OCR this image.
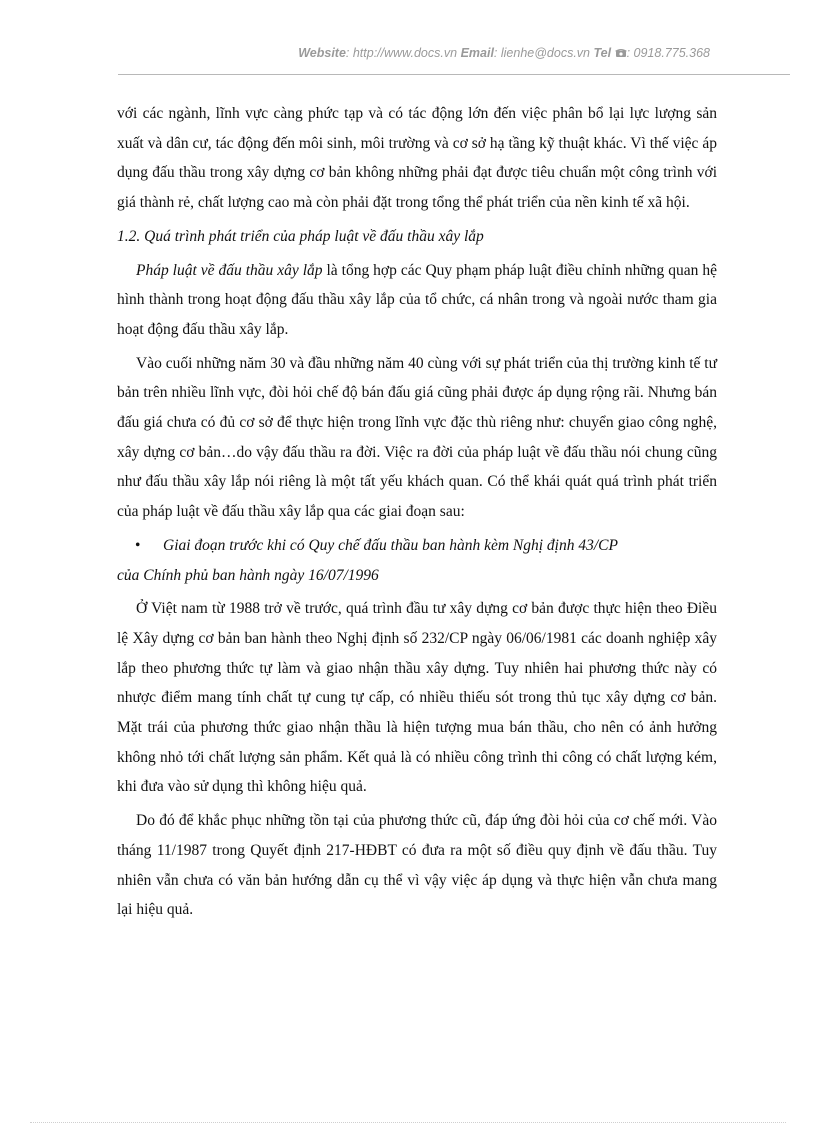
Website: http://www.docs.vn Email: lienhe@docs.vn Tel : 0918.775.368

với các ngành, lĩnh vực càng phức tạp và có tác động lớn đến việc phân bổ lại lực lượng sản xuất và dân cư, tác động đến môi sinh, môi trường và cơ sở hạ tầng kỹ thuật khác. Vì thế việc áp dụng đấu thầu trong xây dựng cơ bản không những phải đạt được tiêu chuẩn một công trình với giá thành rẻ, chất lượng cao mà còn phải đặt trong tổng thể phát triển của nền kinh tế xã hội.

1.2. Quá trình phát triển của pháp luật về đấu thầu xây lắp

Pháp luật về đấu thầu xây lắp là tổng hợp các Quy phạm pháp luật điều chỉnh những quan hệ hình thành trong hoạt động đấu thầu xây lắp của tổ chức, cá nhân trong và ngoài nước tham gia hoạt động đấu thầu xây lắp.

Vào cuối những năm 30 và đầu những năm 40 cùng với sự phát triển của thị trường kinh tế tư bản trên nhiều lĩnh vực, đòi hỏi chế độ bán đấu giá cũng phải được áp dụng rộng rãi. Nhưng bán đấu giá chưa có đủ cơ sở để thực hiện trong lĩnh vực đặc thù riêng như: chuyển giao công nghệ, xây dựng cơ bản…do vậy đấu thầu ra đời. Việc ra đời của pháp luật về đấu thầu nói chung cũng như đấu thầu xây lắp nói riêng là một tất yếu khách quan. Có thể khái quát quá trình phát triển của pháp luật về đấu thầu xây lắp qua các giai đoạn sau:

•	Giai đoạn trước khi có Quy chế đấu thầu ban hành kèm Nghị định 43/CP

của Chính phủ ban hành ngày 16/07/1996

Ở Việt nam từ 1988 trở về trước, quá trình đầu tư xây dựng cơ bản được thực hiện theo Điều lệ Xây dựng cơ bản ban hành theo Nghị định số 232/CP ngày 06/06/1981 các doanh nghiệp xây lắp theo phương thức tự làm và giao nhận thầu xây dựng. Tuy nhiên hai phương thức này có nhược điểm mang tính chất tự cung tự cấp, có nhiều thiếu sót trong thủ tục xây dựng cơ bản. Mặt trái của phương thức giao nhận thầu là hiện tượng mua bán thầu, cho nên có ảnh hưởng không nhỏ tới chất lượng sản phẩm. Kết quả là có nhiều công trình thi công có chất lượng kém, khi đưa vào sử dụng thì không hiệu quả.

Do đó để khắc phục những tồn tại của phương thức cũ, đáp ứng đòi hỏi của cơ chế mới. Vào tháng 11/1987 trong Quyết định 217-HĐBT có đưa ra một số điều quy định về đấu thầu. Tuy nhiên vẫn chưa có văn bản hướng dẫn cụ thể vì vậy việc áp dụng và thực hiện vẫn chưa mang lại hiệu quả.
